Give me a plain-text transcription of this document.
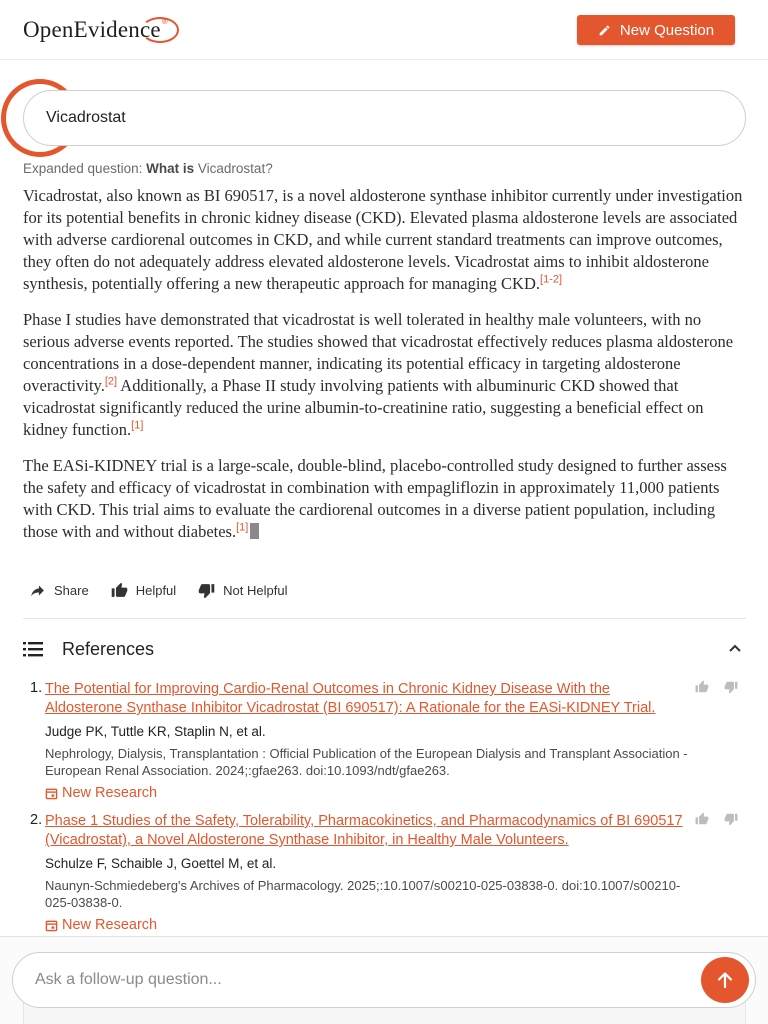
OpenEvidence ®
New Question
Vicadrostat
Expanded question: What is Vicadrostat?

Vicadrostat, also known as BI 690517, is a novel aldosterone synthase inhibitor currently under investigation for its potential benefits in chronic kidney disease (CKD). Elevated plasma aldosterone levels are associated with adverse cardiorenal outcomes in CKD, and while current standard treatments can improve outcomes, they often do not adequately address elevated aldosterone levels. Vicadrostat aims to inhibit aldosterone synthesis, potentially offering a new therapeutic approach for managing CKD.[1-2]

Phase I studies have demonstrated that vicadrostat is well tolerated in healthy male volunteers, with no serious adverse events reported. The studies showed that vicadrostat effectively reduces plasma aldosterone concentrations in a dose-dependent manner, indicating its potential efficacy in targeting aldosterone overactivity.[2] Additionally, a Phase II study involving patients with albuminuric CKD showed that vicadrostat significantly reduced the urine albumin-to-creatinine ratio, suggesting a beneficial effect on kidney function.[1]

The EASi-KIDNEY trial is a large-scale, double-blind, placebo-controlled study designed to further assess the safety and efficacy of vicadrostat in combination with empagliflozin in approximately 11,000 patients with CKD. This trial aims to evaluate the cardiorenal outcomes in a diverse patient population, including those with and without diabetes.[1]

Share	Helpful	Not Helpful
References
1. The Potential for Improving Cardio-Renal Outcomes in Chronic Kidney Disease With the Aldosterone Synthase Inhibitor Vicadrostat (BI 690517): A Rationale for the EASi-KIDNEY Trial.
Judge PK, Tuttle KR, Staplin N, et al.
Nephrology, Dialysis, Transplantation : Official Publication of the European Dialysis and Transplant Association - European Renal Association. 2024;:gfae263. doi:10.1093/ndt/gfae263.
New Research
2. Phase 1 Studies of the Safety, Tolerability, Pharmacokinetics, and Pharmacodynamics of BI 690517 (Vicadrostat), a Novel Aldosterone Synthase Inhibitor, in Healthy Male Volunteers.
Schulze F, Schaible J, Goettel M, et al.
Naunyn-Schmiedeberg's Archives of Pharmacology. 2025;:10.1007/s00210-025-03838-0. doi:10.1007/s00210-025-03838-0.
New Research
Ask a follow-up question...
